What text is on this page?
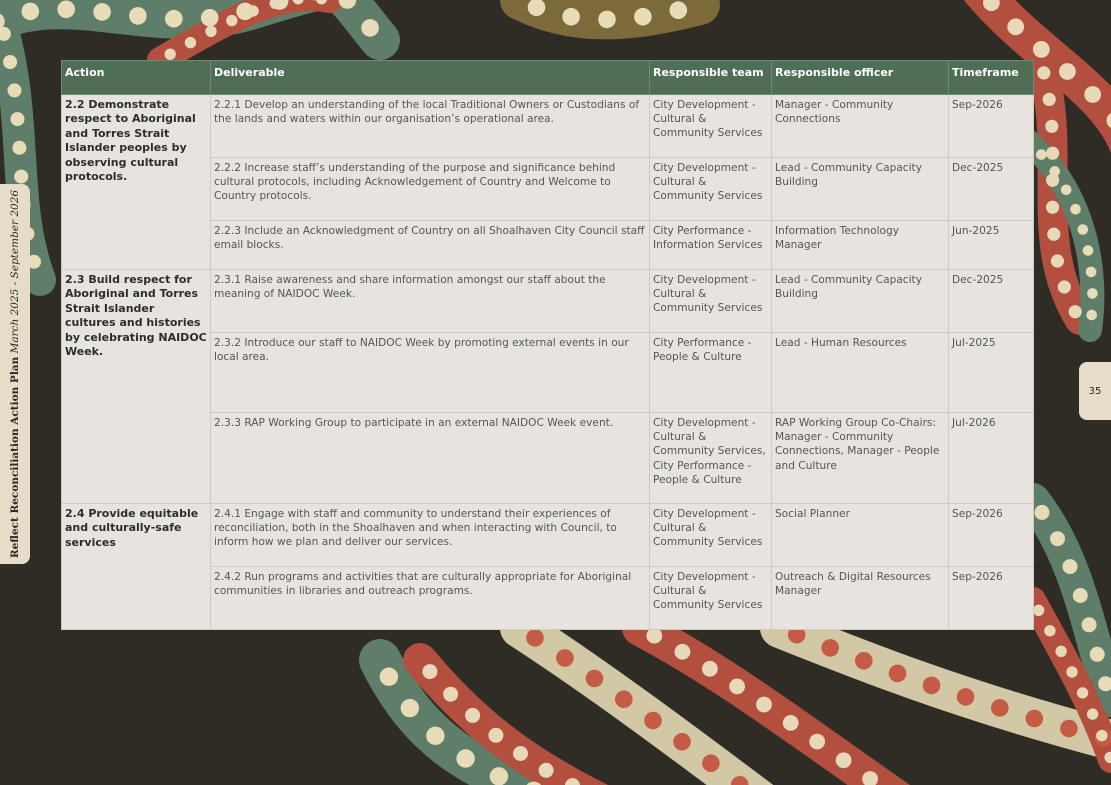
Reflect Reconciliation Action Plan March 2025 - September 2026
35
Action	Deliverable	Responsible team	Responsible officer	Timeframe
2.2 Demonstrate respect to Aboriginal and Torres Strait Islander peoples by observing cultural protocols.	2.2.1 Develop an understanding of the local Traditional Owners or Custodians of the lands and waters within our organisation’s operational area.	City Development - Cultural & Community Services	Manager - Community Connections	Sep-2026
	2.2.2 Increase staff’s understanding of the purpose and significance behind cultural protocols, including Acknowledgement of Country and Welcome to Country protocols.	City Development - Cultural & Community Services	Lead - Community Capacity Building	Dec-2025
	2.2.3 Include an Acknowledgment of Country on all Shoalhaven City Council staff email blocks.	City Performance - Information Services	Information Technology Manager	Jun-2025
2.3 Build respect for Aboriginal and Torres Strait Islander cultures and histories by celebrating NAIDOC Week.	2.3.1 Raise awareness and share information amongst our staff about the meaning of NAIDOC Week.	City Development - Cultural & Community Services	Lead - Community Capacity Building	Dec-2025
	2.3.2 Introduce our staff to NAIDOC Week by promoting external events in our local area.	City Performance - People & Culture	Lead - Human Resources	Jul-2025
	2.3.3 RAP Working Group to participate in an external NAIDOC Week event.	City Development - Cultural & Community Services,
City Performance - People & Culture	RAP Working Group Co-Chairs: Manager - Community Connections, Manager - People and Culture	Jul-2026
2.4 Provide equitable and culturally-safe services	2.4.1 Engage with staff and community to understand their experiences of reconciliation, both in the Shoalhaven and when interacting with Council, to inform how we plan and deliver our services.	City Development - Cultural & Community Services	Social Planner	Sep-2026
	2.4.2 Run programs and activities that are culturally appropriate for Aboriginal communities in libraries and outreach programs.	City Development - Cultural & Community Services	Outreach & Digital Resources Manager	Sep-2026
